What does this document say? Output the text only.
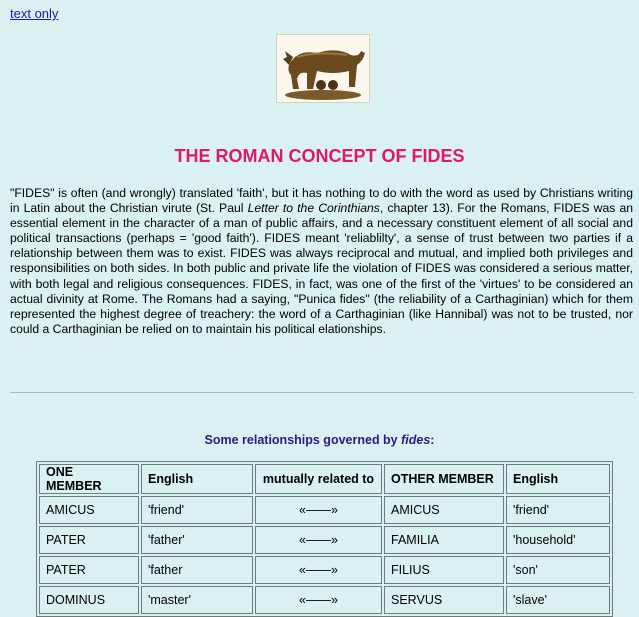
text only
THE ROMAN CONCEPT OF FIDES

"FIDES" is often (and wrongly) translated 'faith', but it has nothing to do with the word as used by Christians writing in Latin about the Christian virute (St. Paul Letter to the Corinthians, chapter 13). For the Romans, FIDES was an essential element in the character of a man of public affairs, and a necessary constituent element of all social and political transactions (perhaps = 'good faith'). FIDES meant 'reliablilty', a sense of trust between two parties if a relationship between them was to exist. FIDES was always reciprocal and mutual, and implied both privileges and responsibilities on both sides. In both public and private life the violation of FIDES was considered a serious matter, with both legal and religious consequences. FIDES, in fact, was one of the first of the 'virtues' to be considered an actual divinity at Rome. The Romans had a saying, "Punica fides" (the reliability of a Carthaginian) which for them represented the highest degree of treachery: the word of a Carthaginian (like Hannibal) was not to be trusted, nor could a Carthaginian be relied on to maintain his political elationships.

Some relationships governed by fides:
ONE MEMBER	English	mutually related to	OTHER MEMBER	English
AMICUS	'friend'	«——»	AMICUS	'friend'
PATER	'father'	«——»	FAMILIA	'household'
PATER	'father	«——»	FILIUS	'son'
DOMINUS	'master'	«——»	SERVUS	'slave'
